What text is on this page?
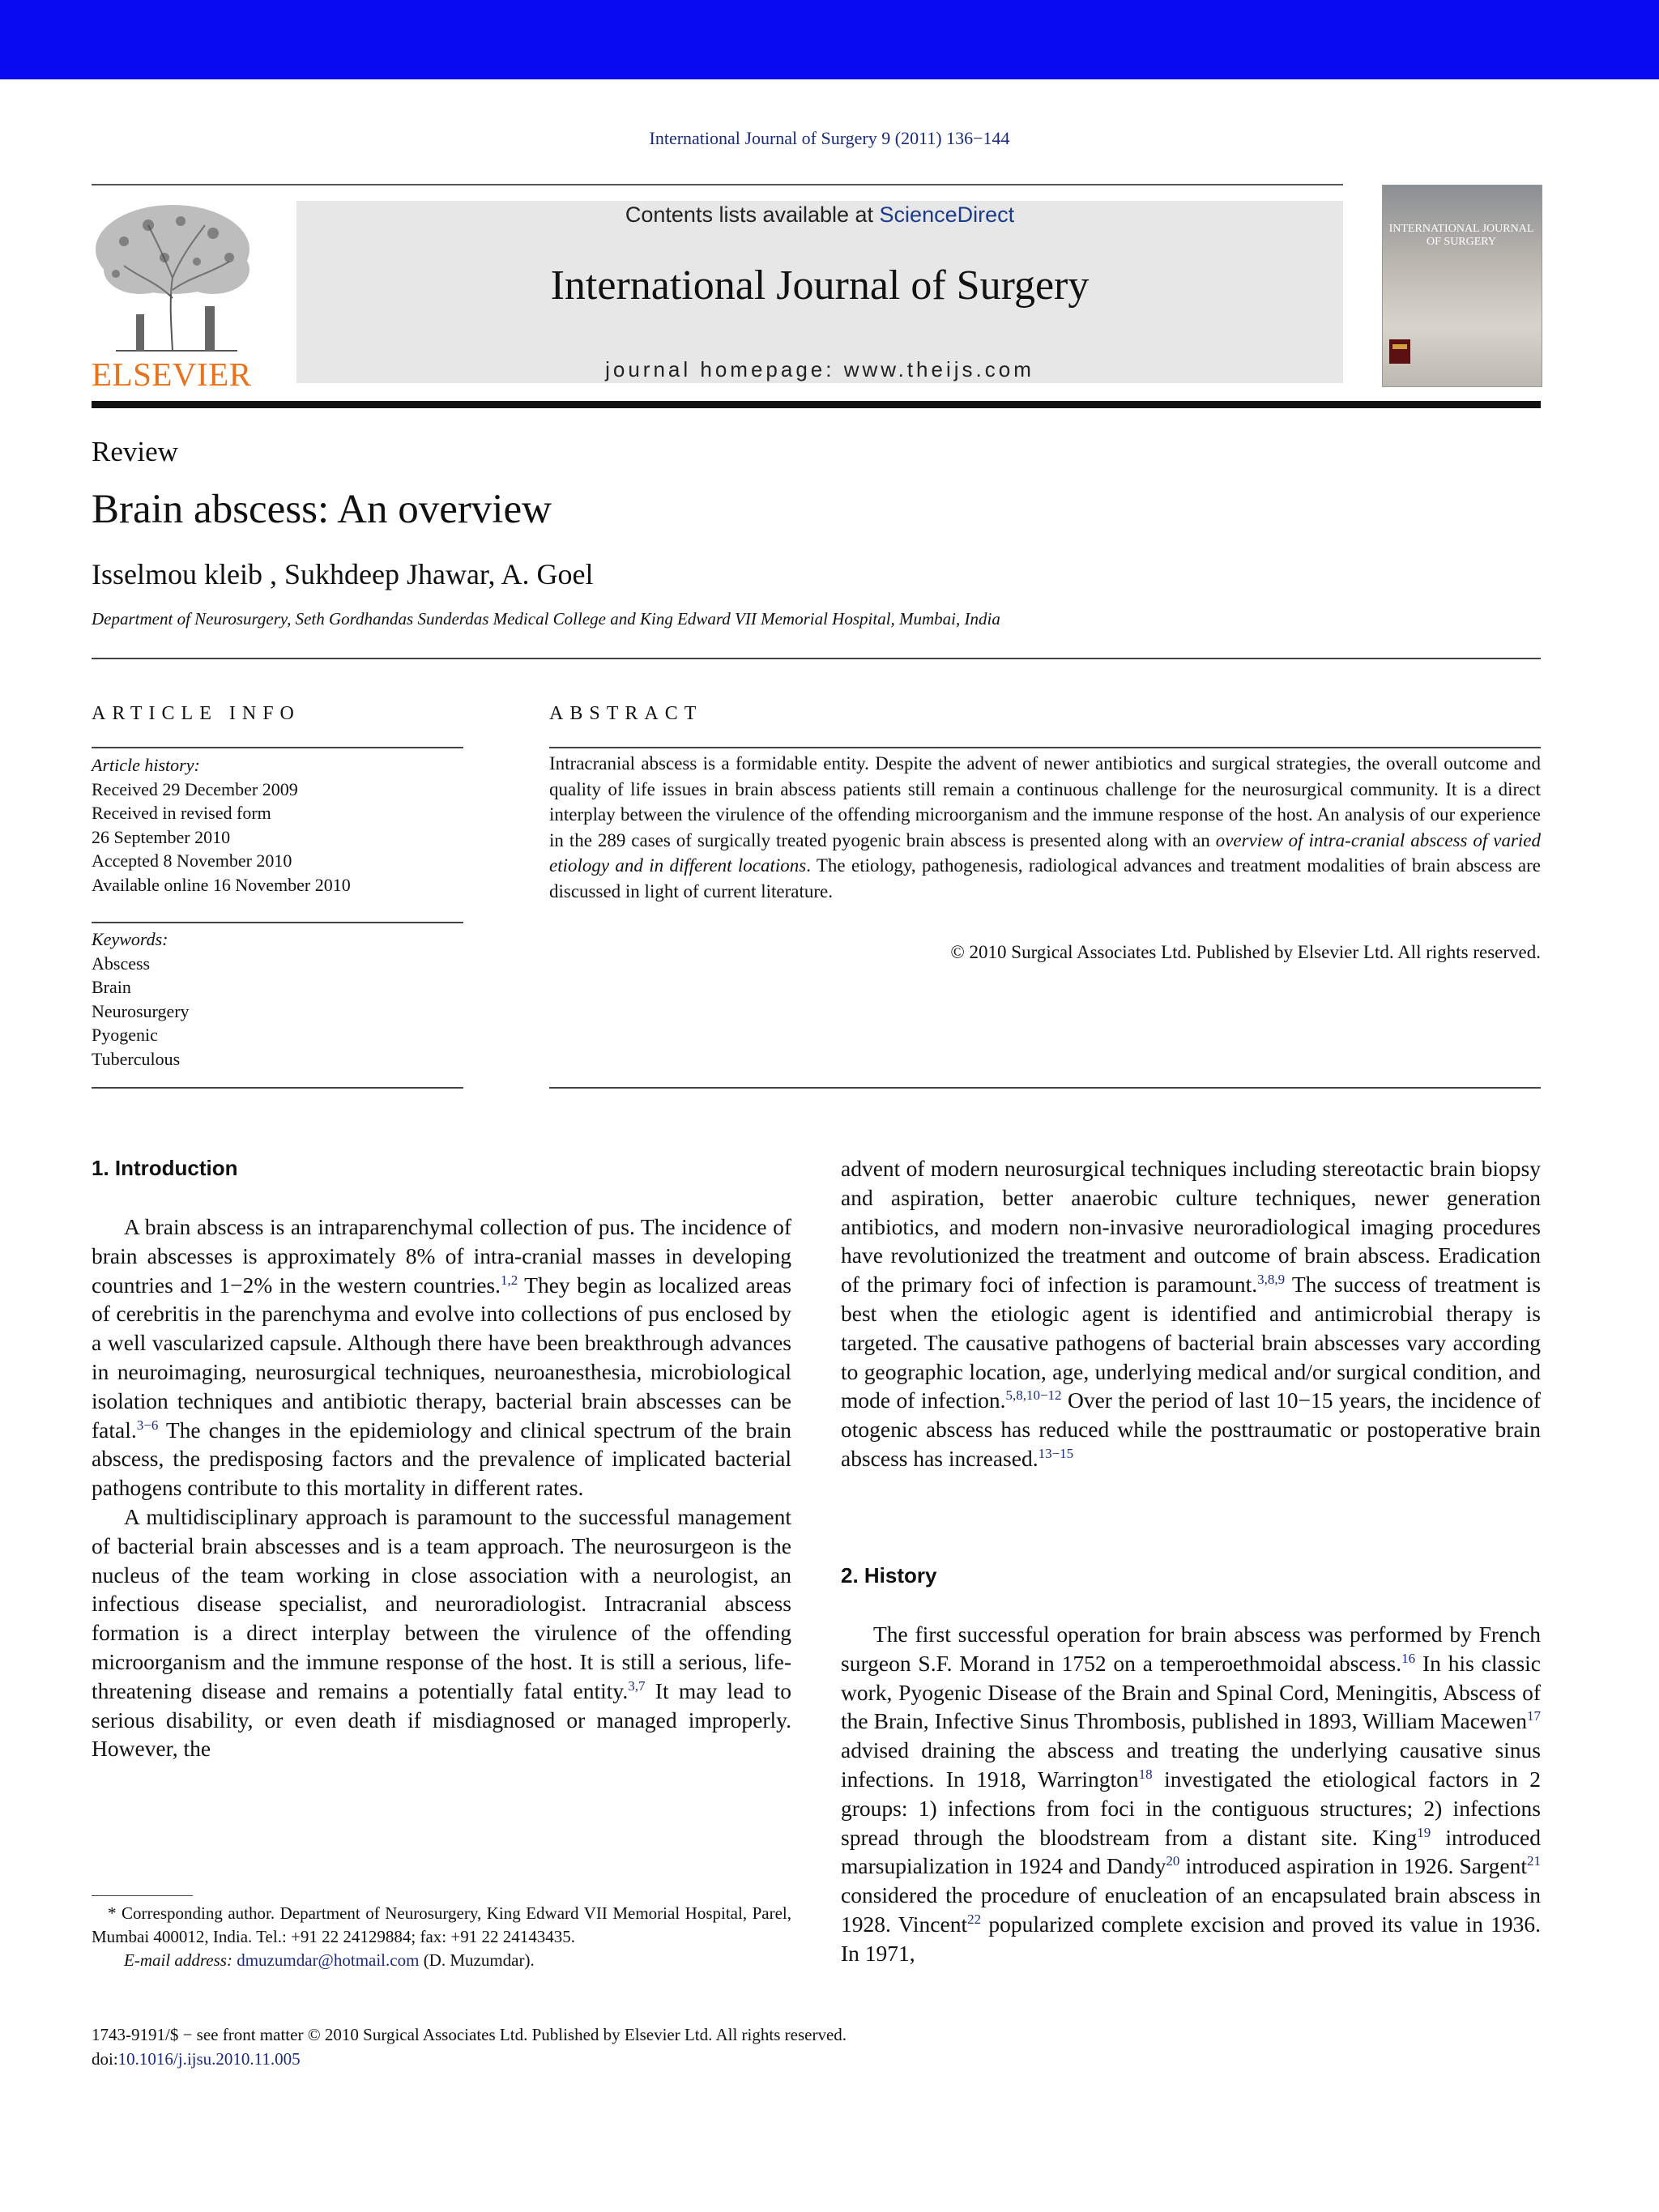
International Journal of Surgery 9 (2011) 136−144
ELSEVIER
Contents lists available at ScienceDirect
International Journal of Surgery
journal homepage: www.theijs.com
INTERNATIONAL JOURNAL OF SURGERY
Review
Brain abscess: An overview
Isselmou kleib , Sukhdeep Jhawar, A. Goel
Department of Neurosurgery, Seth Gordhandas Sunderdas Medical College and King Edward VII Memorial Hospital, Mumbai, India
ARTICLE INFO
Article history:
Received 29 December 2009
Received in revised form
26 September 2010
Accepted 8 November 2010
Available online 16 November 2010
Keywords:
Abscess
Brain
Neurosurgery
Pyogenic
Tuberculous
ABSTRACT
Intracranial abscess is a formidable entity. Despite the advent of newer antibiotics and surgical strategies, the overall outcome and quality of life issues in brain abscess patients still remain a continuous challenge for the neurosurgical community. It is a direct interplay between the virulence of the offending microorganism and the immune response of the host. An analysis of our experience in the 289 cases of surgically treated pyogenic brain abscess is presented along with an overview of intra-cranial abscess of varied etiology and in different locations. The etiology, pathogenesis, radiological advances and treatment modalities of brain abscess are discussed in light of current literature.
© 2010 Surgical Associates Ltd. Published by Elsevier Ltd. All rights reserved.
1. Introduction

A brain abscess is an intraparenchymal collection of pus. The incidence of brain abscesses is approximately 8% of intra-cranial masses in developing countries and 1−2% in the western countries.$^{1,2}$ They begin as localized areas of cerebritis in the parenchyma and evolve into collections of pus enclosed by a well vascularized capsule. Although there have been breakthrough advances in neuroimaging, neurosurgical techniques, neuroanesthesia, microbiological isolation techniques and antibiotic therapy, bacterial brain abscesses can be fatal.$^{3-6}$ The changes in the epidemiology and clinical spectrum of the brain abscess, the predisposing factors and the prevalence of implicated bacterial pathogens contribute to this mortality in different rates.

A multidisciplinary approach is paramount to the successful management of bacterial brain abscesses and is a team approach. The neurosurgeon is the nucleus of the team working in close association with a neurologist, an infectious disease specialist, and neuroradiologist. Intracranial abscess formation is a direct interplay between the virulence of the offending microorganism and the immune response of the host. It is still a serious, life-threatening disease and remains a potentially fatal entity.$^{3,7}$ It may lead to serious disability, or even death if misdiagnosed or managed improperly. However, the

* Corresponding author. Department of Neurosurgery, King Edward VII Memorial Hospital, Parel, Mumbai 400012, India. Tel.: +91 22 24129884; fax: +91 22 24143435.
E-mail address: dmuzumdar@hotmail.com (D. Muzumdar).

advent of modern neurosurgical techniques including stereotactic brain biopsy and aspiration, better anaerobic culture techniques, newer generation antibiotics, and modern non-invasive neuroradiological imaging procedures have revolutionized the treatment and outcome of brain abscess. Eradication of the primary foci of infection is paramount.$^{3,8,9}$ The success of treatment is best when the etiologic agent is identified and antimicrobial therapy is targeted. The causative pathogens of bacterial brain abscesses vary according to geographic location, age, underlying medical and/or surgical condition, and mode of infection.$^{5,8,10-12}$ Over the period of last 10−15 years, the incidence of otogenic abscess has reduced while the posttraumatic or postoperative brain abscess has increased.$^{13-15}$

2. History

The first successful operation for brain abscess was performed by French surgeon S.F. Morand in 1752 on a temperoethmoidal abscess.$^{16}$ In his classic work, Pyogenic Disease of the Brain and Spinal Cord, Meningitis, Abscess of the Brain, Infective Sinus Thrombosis, published in 1893, William Macewen$^{17}$ advised draining the abscess and treating the underlying causative sinus infections. In 1918, Warrington$^{18}$ investigated the etiological factors in 2 groups: 1) infections from foci in the contiguous structures; 2) infections spread through the bloodstream from a distant site. King$^{19}$ introduced marsupialization in 1924 and Dandy$^{20}$ introduced aspiration in 1926. Sargent$^{21}$ considered the procedure of enucleation of an encapsulated brain abscess in 1928. Vincent$^{22}$ popularized complete excision and proved its value in 1936. In 1971,

1743-9191/$ − see front matter © 2010 Surgical Associates Ltd. Published by Elsevier Ltd. All rights reserved.
doi:10.1016/j.ijsu.2010.11.005
